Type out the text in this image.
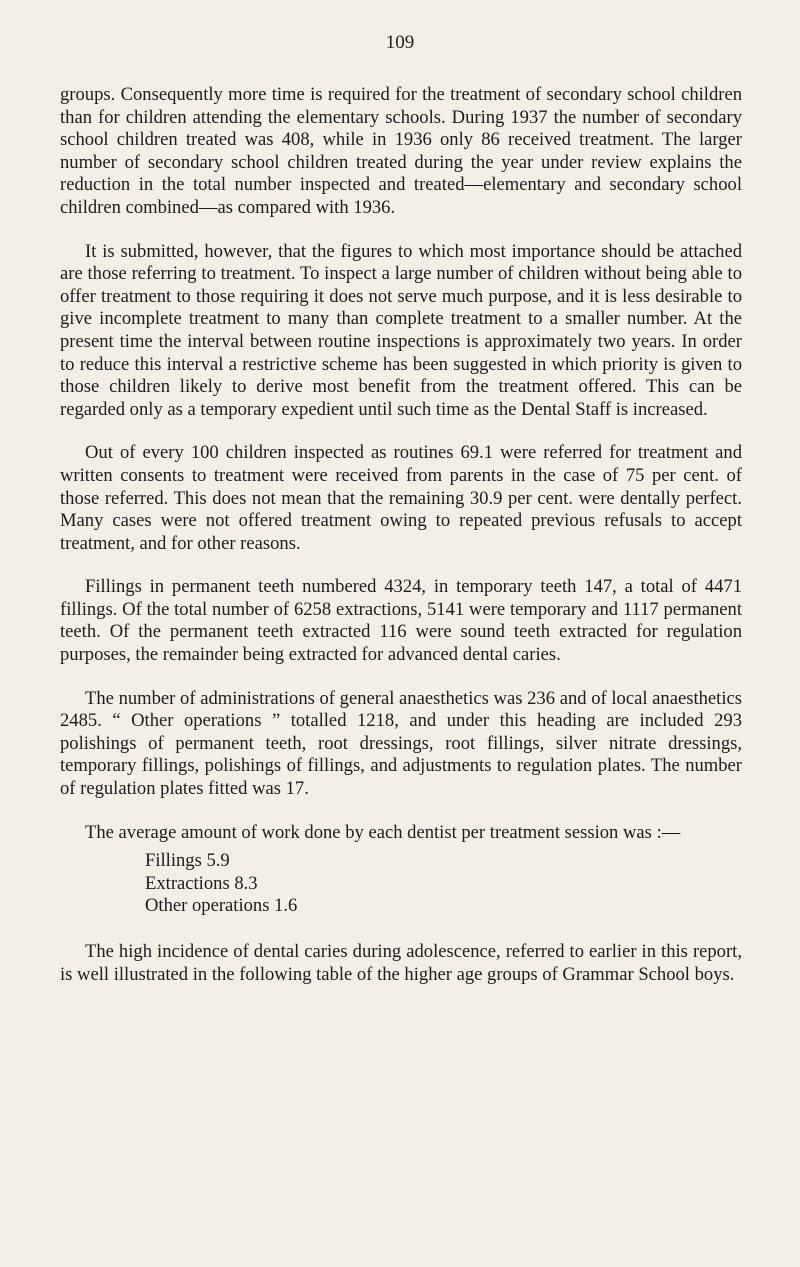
109

groups. Consequently more time is required for the treatment of secondary school children than for children attending the elementary schools. During 1937 the number of secondary school children treated was 408, while in 1936 only 86 received treatment. The larger number of secondary school children treated during the year under review explains the reduction in the total number inspected and treated—elementary and secondary school children combined—as compared with 1936.

It is submitted, however, that the figures to which most importance should be attached are those referring to treatment. To inspect a large number of children without being able to offer treatment to those requiring it does not serve much purpose, and it is less desirable to give incomplete treatment to many than complete treatment to a smaller number. At the present time the interval between routine inspections is approximately two years. In order to reduce this interval a restrictive scheme has been suggested in which priority is given to those children likely to derive most benefit from the treatment offered. This can be regarded only as a temporary expedient until such time as the Dental Staff is increased.

Out of every 100 children inspected as routines 69.1 were referred for treatment and written consents to treatment were received from parents in the case of 75 per cent. of those referred. This does not mean that the remaining 30.9 per cent. were dentally perfect. Many cases were not offered treatment owing to repeated previous refusals to accept treatment, and for other reasons.

Fillings in permanent teeth numbered 4324, in temporary teeth 147, a total of 4471 fillings. Of the total number of 6258 extractions, 5141 were temporary and 1117 permanent teeth. Of the permanent teeth extracted 116 were sound teeth extracted for regulation purposes, the remainder being extracted for advanced dental caries.

The number of administrations of general anaesthetics was 236 and of local anaesthetics 2485. “ Other operations ” totalled 1218, and under this heading are included 293 polishings of permanent teeth, root dressings, root fillings, silver nitrate dressings, temporary fillings, polishings of fillings, and adjustments to regulation plates. The number of regulation plates fitted was 17.

The average amount of work done by each dentist per treatment session was :—

Fillings 5.9
Extractions 8.3
Other operations 1.6

The high incidence of dental caries during adolescence, referred to earlier in this report, is well illustrated in the following table of the higher age groups of Grammar School boys.
